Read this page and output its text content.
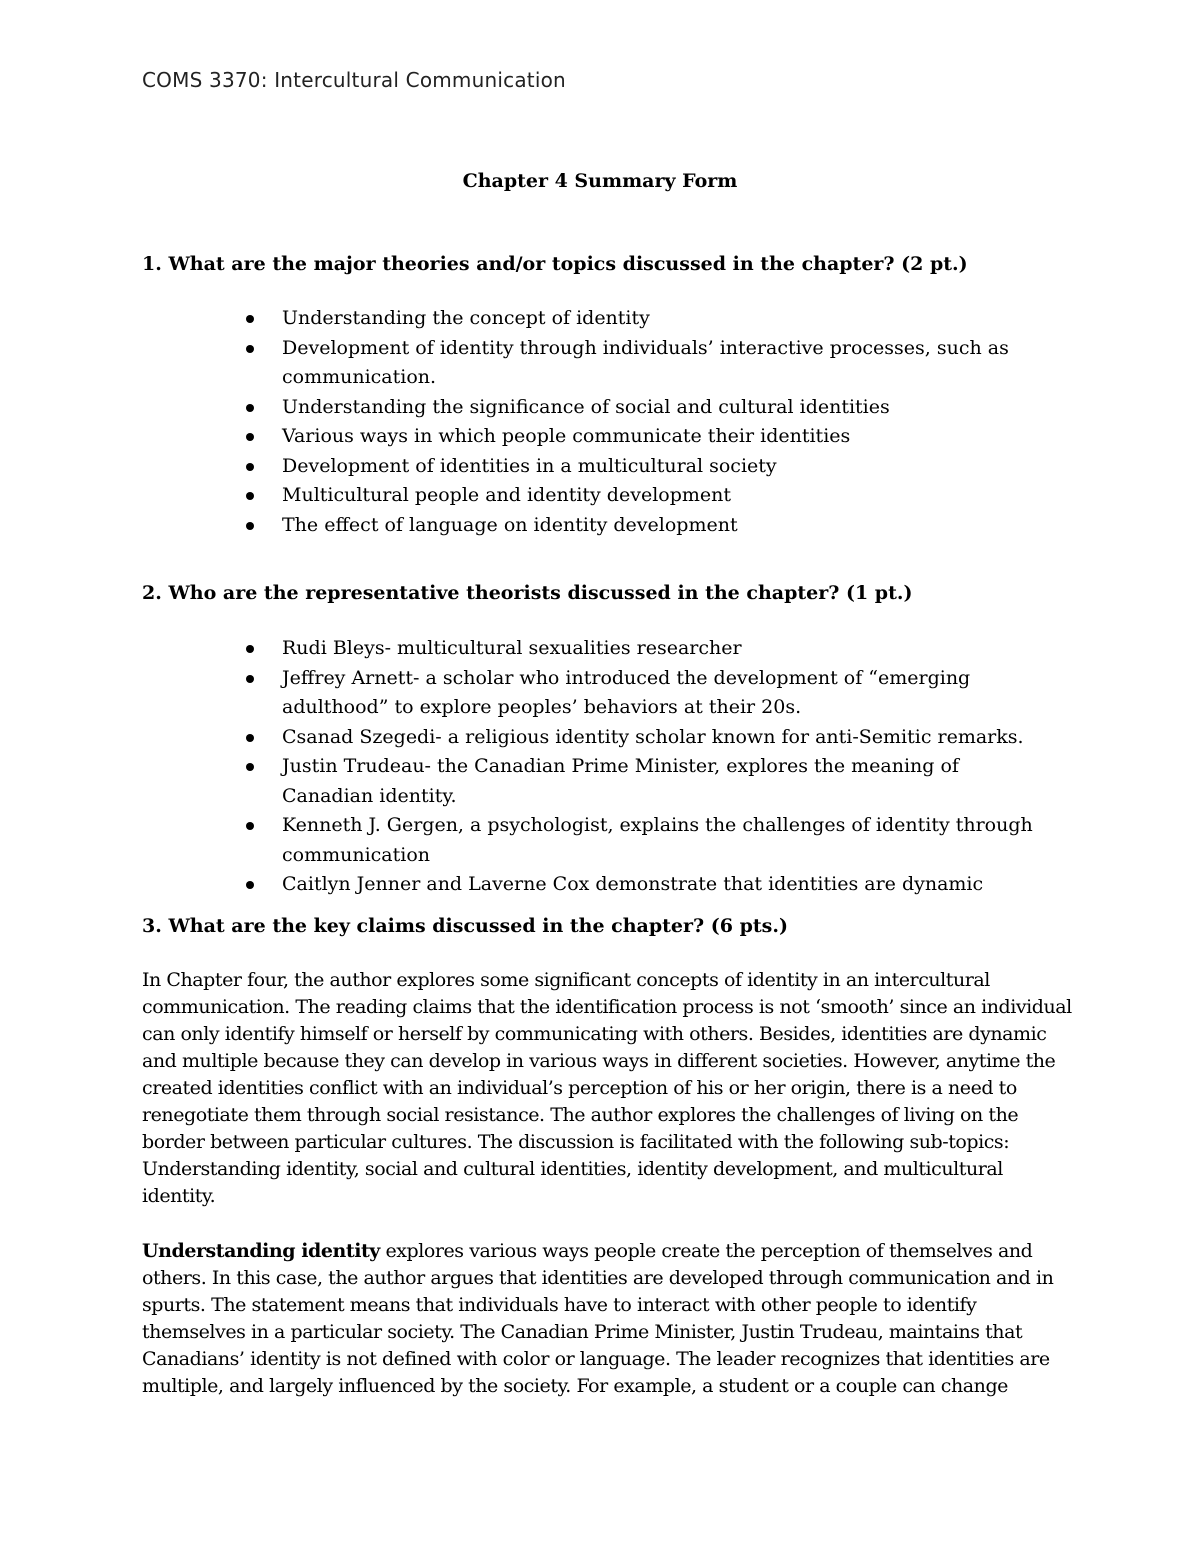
COMS 3370: Intercultural Communication
Chapter 4 Summary Form
1. What are the major theories and/or topics discussed in the chapter? (2 pt.)
Understanding the concept of identity
Development of identity through individuals’ interactive processes, such as communication.
Understanding the significance of social and cultural identities
Various ways in which people communicate their identities
Development of identities in a multicultural society
Multicultural people and identity development
The effect of language on identity development
2. Who are the representative theorists discussed in the chapter? (1 pt.)
Rudi Bleys- multicultural sexualities researcher
Jeffrey Arnett- a scholar who introduced the development of “emerging adulthood” to explore peoples’ behaviors at their 20s.
Csanad Szegedi- a religious identity scholar known for anti-Semitic remarks.
Justin Trudeau- the Canadian Prime Minister, explores the meaning of Canadian identity.
Kenneth J. Gergen, a psychologist, explains the challenges of identity through communication
Caitlyn Jenner and Laverne Cox demonstrate that identities are dynamic
3. What are the key claims discussed in the chapter? (6 pts.)

In Chapter four, the author explores some significant concepts of identity in an intercultural communication. The reading claims that the identification process is not ‘smooth’ since an individual can only identify himself or herself by communicating with others. Besides, identities are dynamic and multiple because they can develop in various ways in different societies. However, anytime the created identities conflict with an individual’s perception of his or her origin, there is a need to renegotiate them through social resistance. The author explores the challenges of living on the border between particular cultures. The discussion is facilitated with the following sub-topics: Understanding identity, social and cultural identities, identity development, and multicultural identity.

Understanding identity explores various ways people create the perception of themselves and others. In this case, the author argues that identities are developed through communication and in spurts. The statement means that individuals have to interact with other people to identify themselves in a particular society. The Canadian Prime Minister, Justin Trudeau, maintains that Canadians’ identity is not defined with color or language. The leader recognizes that identities are multiple, and largely influenced by the society. For example, a student or a couple can change
